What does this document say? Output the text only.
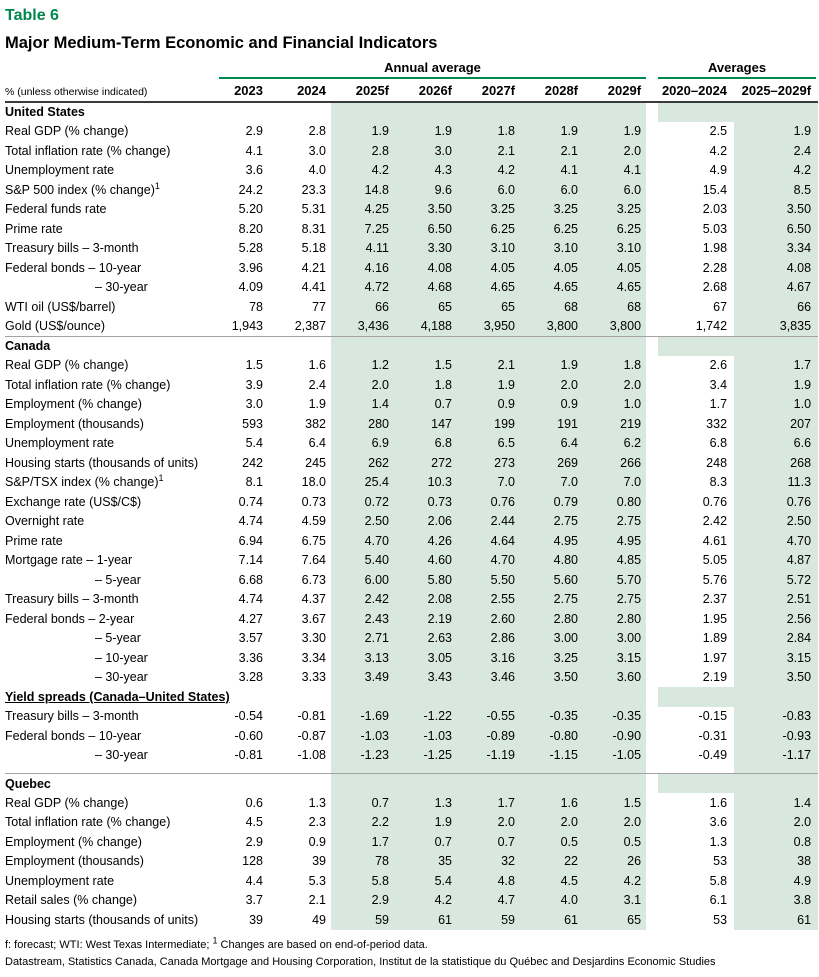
Table 6

Major Medium-Term Economic and Financial Indicators

	Annual average								Averages	

% (unless otherwise indicated)	2023	2024	2025f	2026f	2027f	2028f	2029f		2020–2024	2025–2029f
United States										
Real GDP (% change)	2.9	2.8	1.9	1.9	1.8	1.9	1.9		2.5	1.9
Total inflation rate (% change)	4.1	3.0	2.8	3.0	2.1	2.1	2.0		4.2	2.4
Unemployment rate	3.6	4.0	4.2	4.3	4.2	4.1	4.1		4.9	4.2
S&P 500 index (% change)$^1$	24.2	23.3	14.8	9.6	6.0	6.0	6.0		15.4	8.5
Federal funds rate	5.20	5.31	4.25	3.50	3.25	3.25	3.25		2.03	3.50
Prime rate	8.20	8.31	7.25	6.50	6.25	6.25	6.25		5.03	6.50
Treasury bills – 3-month	5.28	5.18	4.11	3.30	3.10	3.10	3.10		1.98	3.34
Federal bonds – 10-year	3.96	4.21	4.16	4.08	4.05	4.05	4.05		2.28	4.08
– 30-year	4.09	4.41	4.72	4.68	4.65	4.65	4.65		2.68	4.67
WTI oil (US$/barrel)	78	77	66	65	65	68	68		67	66
Gold (US$/ounce)	1,943	2,387	3,436	4,188	3,950	3,800	3,800		1,742	3,835
Canada										
Real GDP (% change)	1.5	1.6	1.2	1.5	2.1	1.9	1.8		2.6	1.7
Total inflation rate (% change)	3.9	2.4	2.0	1.8	1.9	2.0	2.0		3.4	1.9
Employment (% change)	3.0	1.9	1.4	0.7	0.9	0.9	1.0		1.7	1.0
Employment (thousands)	593	382	280	147	199	191	219		332	207
Unemployment rate	5.4	6.4	6.9	6.8	6.5	6.4	6.2		6.8	6.6
Housing starts (thousands of units)	242	245	262	272	273	269	266		248	268
S&P/TSX index (% change)$^1$	8.1	18.0	25.4	10.3	7.0	7.0	7.0		8.3	11.3
Exchange rate (US$/C$)	0.74	0.73	0.72	0.73	0.76	0.79	0.80		0.76	0.76
Overnight rate	4.74	4.59	2.50	2.06	2.44	2.75	2.75		2.42	2.50
Prime rate	6.94	6.75	4.70	4.26	4.64	4.95	4.95		4.61	4.70
Mortgage rate – 1-year	7.14	7.64	5.40	4.60	4.70	4.80	4.85		5.05	4.87
– 5-year	6.68	6.73	6.00	5.80	5.50	5.60	5.70		5.76	5.72
Treasury bills – 3-month	4.74	4.37	2.42	2.08	2.55	2.75	2.75		2.37	2.51
Federal bonds – 2-year	4.27	3.67	2.43	2.19	2.60	2.80	2.80		1.95	2.56
– 5-year	3.57	3.30	2.71	2.63	2.86	3.00	3.00		1.89	2.84
– 10-year	3.36	3.34	3.13	3.05	3.16	3.25	3.15		1.97	3.15
– 30-year	3.28	3.33	3.49	3.43	3.46	3.50	3.60		2.19	3.50
Yield spreads (Canada–United States)										
Treasury bills – 3-month	-0.54	-0.81	-1.69	-1.22	-0.55	-0.35	-0.35		-0.15	-0.83
Federal bonds – 10-year	-0.60	-0.87	-1.03	-1.03	-0.89	-0.80	-0.90		-0.31	-0.93
– 30-year	-0.81	-1.08	-1.23	-1.25	-1.19	-1.15	-1.05		-0.49	-1.17
Quebec										
Real GDP (% change)	0.6	1.3	0.7	1.3	1.7	1.6	1.5		1.6	1.4
Total inflation rate (% change)	4.5	2.3	2.2	1.9	2.0	2.0	2.0		3.6	2.0
Employment (% change)	2.9	0.9	1.7	0.7	0.7	0.5	0.5		1.3	0.8
Employment (thousands)	128	39	78	35	32	22	26		53	38
Unemployment rate	4.4	5.3	5.8	5.4	4.8	4.5	4.2		5.8	4.9
Retail sales (% change)	3.7	2.1	2.9	4.2	4.7	4.0	3.1		6.1	3.8
Housing starts (thousands of units)	39	49	59	61	59	61	65		53	61

f: forecast; WTI: West Texas Intermediate; $^1$ Changes are based on end-of-period data.

Datastream, Statistics Canada, Canada Mortgage and Housing Corporation, Institut de la statistique du Québec and Desjardins Economic Studies
